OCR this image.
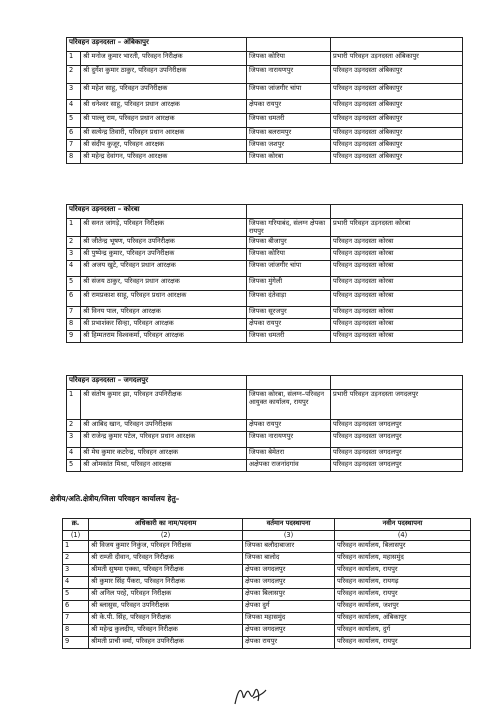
परिवहन उड़नदस्ता – अंबिकापुर			
1	श्री मनोज कुमार भारती, परिवहन निरीक्षक	जिपका कोरिया	प्रभारी परिवहन उड़नदस्ता अंबिकापुर
2	श्री दुर्गेश कुमार ठाकुर, परिवहन उपनिरीक्षक	जिपका नारायणपुर	परिवहन उड़नदस्ता अंबिकापुर
3	श्री महेश साहू, परिवहन उपनिरीक्षक	जिपका जांजगीर चांपा	परिवहन उड़नदस्ता अंबिकापुर
4	श्री धनेश्वर साहू, परिवहन प्रधान आरक्षक	क्षेपका रायपुर	परिवहन उड़नदस्ता अंबिकापुर
5	श्री पाल्लू राम, परिवहन प्रधान आरक्षक	जिपका धमतरी	परिवहन उड़नदस्ता अंबिकापुर
6	श्री सत्येन्द्र तिवारी, परिवहन प्रधान आरक्षक	जिपका बलरामपुर	परिवहन उड़नदस्ता अंबिकापुर
7	श्री संदीप कुजूर, परिवहन आरक्षक	जिपका जशपुर	परिवहन उड़नदस्ता अंबिकापुर
8	श्री महेन्द्र देवांगन, परिवहन आरक्षक	जिपका कोरबा	परिवहन उड़नदस्ता अंबिकापुर
परिवहन उड़नदस्ता – कोरबा			
1	श्री सनत जांगड़े, परिवहन निरीक्षक	जिपका गरियाबंद, संलग्न क्षेपका रायपुर	प्रभारी परिवहन उड़नदस्ता कोरबा
2	श्री जीतेन्द्र भूषण, परिवहन उपनिरीक्षक	जिपका बीजापुर	परिवहन उड़नदस्ता कोरबा
3	श्री पुष्पेन्द्र कुमार, परिवहन उपनिरीक्षक	जिपका कोरिया	परिवहन उड़नदस्ता कोरबा
4	श्री अजय खुटे, परिवहन प्रधान आरक्षक	जिपका जांजगीर चांपा	परिवहन उड़नदस्ता कोरबा
5	श्री संजय ठाकुर, परिवहन प्रधान आरक्षक	जिपका मुंगेली	परिवहन उड़नदस्ता कोरबा
6	श्री रामप्रकाश साहू, परिवहन प्रधान आरक्षक	जिपका दंतेवाड़ा	परिवहन उड़नदस्ता कोरबा
7	श्री विनय पाल, परिवहन आरक्षक	जिपका सूरजपुर	परिवहन उड़नदस्ता कोरबा
8	श्री प्रभाशंकर सिन्हा, परिवहन आरक्षक	क्षेपका रायपुर	परिवहन उड़नदस्ता कोरबा
9	श्री हिम्मतराम विश्वकर्मा, परिवहन आरक्षक	जिपका धमतरी	परिवहन उड़नदस्ता कोरबा
परिवहन उड़नदस्ता – जगदलपुर			
1	श्री संतोष कुमार झा, परिवहन उपनिरीक्षक	जिपका कोरबा, संलग्न–परिवहन आयुक्त कार्यालय, रायपुर	प्रभारी परिवहन उड़नदस्ता जगदलपुर
2	श्री आबिद खान, परिवहन उपनिरीक्षक	क्षेपका रायपुर	परिवहन उड़नदस्ता जगदलपुर
3	श्री राजेन्द्र कुमार पटेल, परिवहन प्रधान आरक्षक	जिपका नारायणपुर	परिवहन उड़नदस्ता जगदलपुर
4	श्री मेघ कुमार कटरेन्द्र, परिवहन आरक्षक	जिपका बेमेतरा	परिवहन उड़नदस्ता जगदलपुर
5	श्री ओमकांत मिश्रा, परिवहन आरक्षक	अक्षेपका राजनांदगांव	परिवहन उड़नदस्ता जगदलपुर
क्षेत्रीय/अति.क्षेत्रीय/जिला परिवहन कार्यालय हेतु–
क्र.	अधिकारी का नाम/पदनाम	वर्तमान पदस्थापना	नवीन पदस्थापना
(1)	(2)	(3)	(4)
1	श्री विजय कुमार निकुंज, परिवहन निरीक्षक	जिपका बलौदाबाजार	परिवहन कार्यालय, बिलासपुर
2	श्री राम्जी दीवान, परिवहन निरीक्षक	जिपका बालोद	परिवहन कार्यालय, महासमुंद
3	श्रीमती सुषमा एक्का, परिवहन निरीक्षक	क्षेपका जगदलपुर	परिवहन कार्यालय, रायपुर
4	श्री कुमार सिंह पैंकरा, परिवहन निरीक्षक	क्षेपका जगदलपुर	परिवहन कार्यालय, रायगढ़
5	श्री अनिल परहे, परिवहन निरीक्षक	क्षेपका बिलासपुर	परिवहन कार्यालय, रायपुर
6	श्री ब्लासुस, परिवहन उपनिरीक्षक	क्षेपका दुर्ग	परिवहन कार्यालय, जशपुर
7	श्री के.पी. सिंह, परिवहन निरीक्षक	जिपका महासमुंद	परिवहन कार्यालय, अंबिकापुर
8	श्री महेन्द्र कुलदीप, परिवहन निरीक्षक	क्षेपका जगदलपुर	परिवहन कार्यालय, दुर्ग
9	श्रीमती प्राची वर्मा, परिवहन उपनिरीक्षक	क्षेपका रायपुर	परिवहन कार्यालय, रायपुर
